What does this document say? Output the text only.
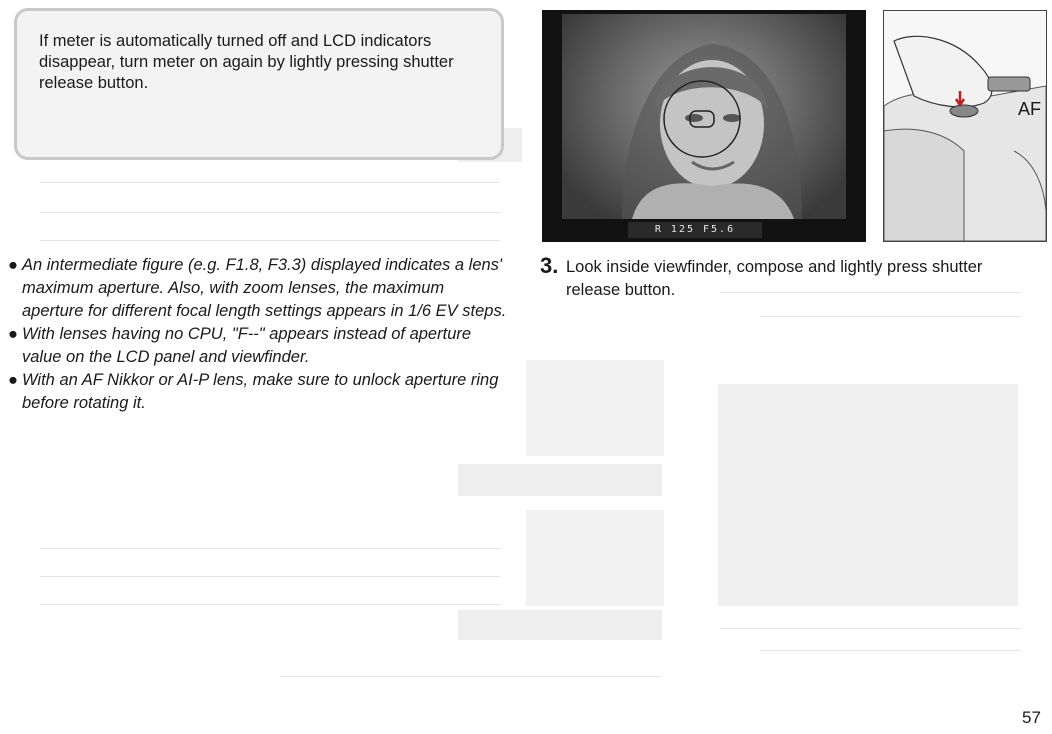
If meter is automatically turned off and LCD indicators disappear, turn meter on again by lightly pressing shutter release button.
● An intermediate figure (e.g. F1.8, F3.3) displayed indicates a lens' maximum aperture. Also, with zoom lenses, the maximum aperture for different focal length settings appears in 1/6 EV steps.
● With lenses having no CPU, "F--" appears instead of aperture value on the LCD panel and viewfinder.
● With an AF Nikkor or AI-P lens, make sure to unlock aperture ring before rotating it.
R 125 F5.6
AF
3. Look inside viewfinder, compose and lightly press shutter release button.
57
